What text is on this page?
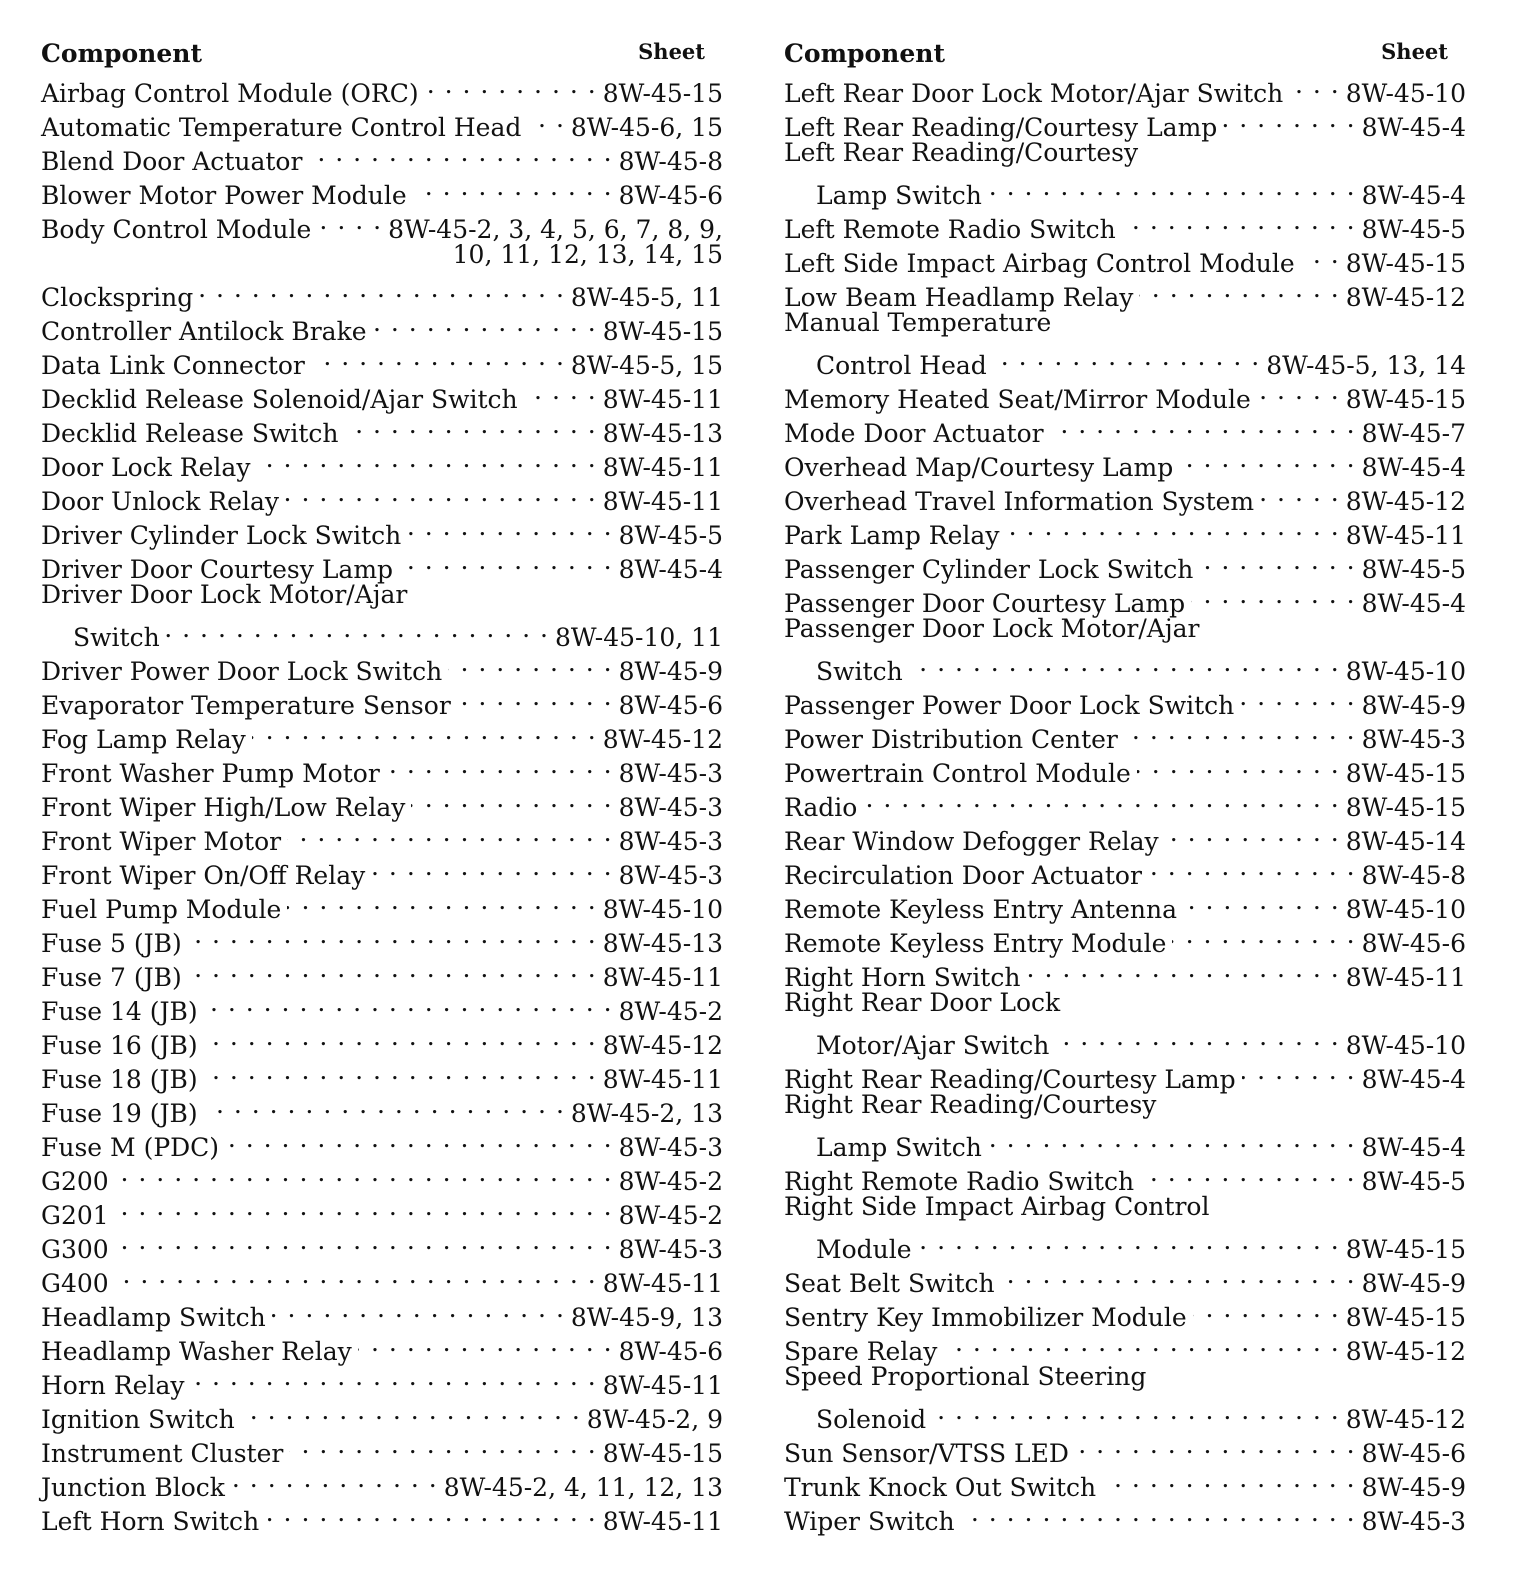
Component	Sheet
Airbag Control Module (ORC) . . .	8W-45-15
Automatic Temperature Control Head . . . 8W-45-6, 15
Blend Door Actuator . . .	8W-45-8
Blower Motor Power Module . . .	8W-45-6
Body Control Module . . .	8W-45-2, 3, 4, 5, 6, 7, 8, 9,
10, 11, 12, 13, 14, 15
Clockspring . . .	8W-45-5, 11
Controller Antilock Brake . . .	8W-45-15
Data Link Connector . . .	8W-45-5, 15
Decklid Release Solenoid/Ajar Switch . . .	8W-45-11
Decklid Release Switch . . .	8W-45-13
Door Lock Relay . . .	8W-45-11
Door Unlock Relay . . .	8W-45-11
Driver Cylinder Lock Switch . . .	8W-45-5
Driver Door Courtesy Lamp . . .	8W-45-4
Driver Door Lock Motor/Ajar
Switch . . .	8W-45-10, 11
Driver Power Door Lock Switch . . .	8W-45-9
Evaporator Temperature Sensor . . .	8W-45-6
Fog Lamp Relay . . .	8W-45-12
Front Washer Pump Motor . . .	8W-45-3
Front Wiper High/Low Relay . . .	8W-45-3
Front Wiper Motor . . .	8W-45-3
Front Wiper On/Off Relay . . .	8W-45-3
Fuel Pump Module . . .	8W-45-10
Fuse 5 (JB) . . .	8W-45-13
Fuse 7 (JB) . . .	8W-45-11
Fuse 14 (JB) . . .	8W-45-2
Fuse 16 (JB) . . .	8W-45-12
Fuse 18 (JB) . . .	8W-45-11
Fuse 19 (JB) . . .	8W-45-2, 13
Fuse M (PDC) . . .	8W-45-3
G200 . . .	8W-45-2
G201 . . .	8W-45-2
G300 . . .	8W-45-3
G400 . . .	8W-45-11
Headlamp Switch . . .	8W-45-9, 13
Headlamp Washer Relay . . .	8W-45-6
Horn Relay . . .	8W-45-11
Ignition Switch . . .	8W-45-2, 9
Instrument Cluster . . .	8W-45-15
Junction Block . . .	8W-45-2, 4, 11, 12, 13
Left Horn Switch . . .	8W-45-11
Component	Sheet
Left Rear Door Lock Motor/Ajar Switch . . . 8W-45-10
Left Rear Reading/Courtesy Lamp . . .	8W-45-4
Left Rear Reading/Courtesy
Lamp Switch . . .	8W-45-4
Left Remote Radio Switch . . .	8W-45-5
Left Side Impact Airbag Control Module . . . 8W-45-15
Low Beam Headlamp Relay . . .	8W-45-12
Manual Temperature
Control Head . . .	8W-45-5, 13, 14
Memory Heated Seat/Mirror Module . . .	8W-45-15
Mode Door Actuator . . .	8W-45-7
Overhead Map/Courtesy Lamp . . .	8W-45-4
Overhead Travel Information System . . .	8W-45-12
Park Lamp Relay . . .	8W-45-11
Passenger Cylinder Lock Switch . . .	8W-45-5
Passenger Door Courtesy Lamp . . .	8W-45-4
Passenger Door Lock Motor/Ajar
Switch . . .	8W-45-10
Passenger Power Door Lock Switch . . .	8W-45-9
Power Distribution Center . . .	8W-45-3
Powertrain Control Module . . .	8W-45-15
Radio . . .	8W-45-15
Rear Window Defogger Relay . . .	8W-45-14
Recirculation Door Actuator . . .	8W-45-8
Remote Keyless Entry Antenna . . .	8W-45-10
Remote Keyless Entry Module . . .	8W-45-6
Right Horn Switch . . .	8W-45-11
Right Rear Door Lock
Motor/Ajar Switch . . .	8W-45-10
Right Rear Reading/Courtesy Lamp . . .	8W-45-4
Right Rear Reading/Courtesy
Lamp Switch . . .	8W-45-4
Right Remote Radio Switch . . .	8W-45-5
Right Side Impact Airbag Control
Module . . .	8W-45-15
Seat Belt Switch . . .	8W-45-9
Sentry Key Immobilizer Module . . .	8W-45-15
Spare Relay . . .	8W-45-12
Speed Proportional Steering
Solenoid . . .	8W-45-12
Sun Sensor/VTSS LED . . .	8W-45-6
Trunk Knock Out Switch . . .	8W-45-9
Wiper Switch . . .	8W-45-3
